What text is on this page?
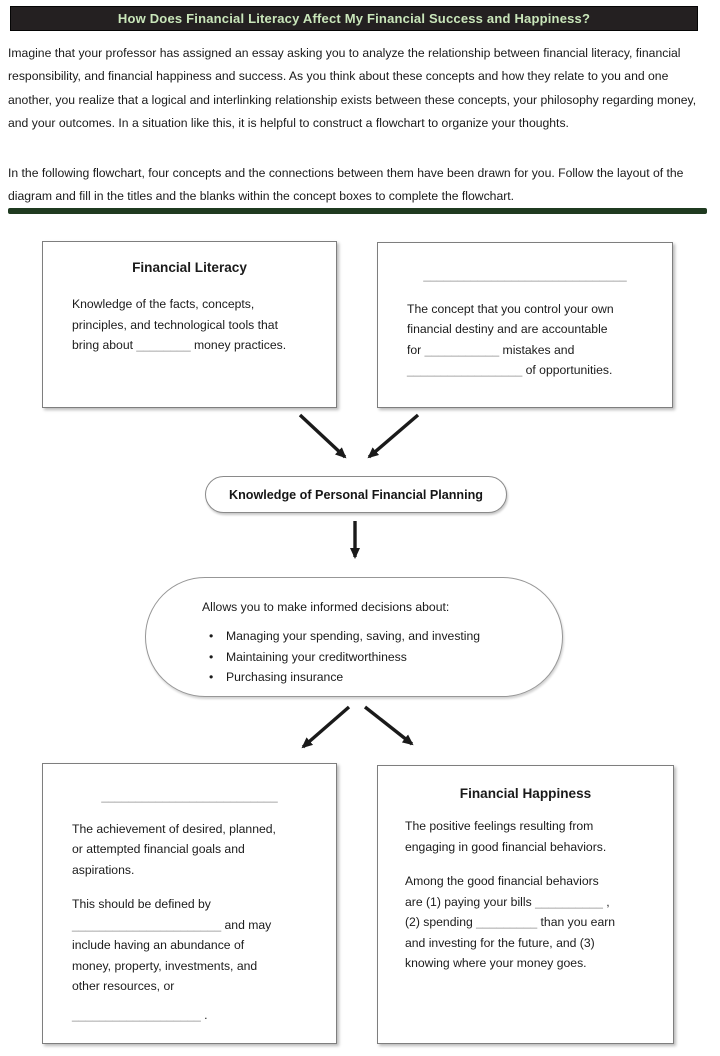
How Does Financial Literacy Affect My Financial Success and Happiness?
Imagine that your professor has assigned an essay asking you to analyze the relationship between financial literacy, financial responsibility, and financial happiness and success. As you think about these concepts and how they relate to you and one another, you realize that a logical and interlinking relationship exists between these concepts, your philosophy regarding money, and your outcomes. In a situation like this, it is helpful to construct a flowchart to organize your thoughts.
In the following flowchart, four concepts and the connections between them have been drawn for you. Follow the layout of the diagram and fill in the titles and the blanks within the concept boxes to complete the flowchart.
Financial Literacy
Knowledge of the facts, concepts,
principles, and technological tools that
bring about ________ money practices.
______________________________
The concept that you control your own
financial destiny and are accountable
for ___________ mistakes and
_________________ of opportunities.
Knowledge of Personal Financial Planning
Allows you to make informed decisions about:
• Managing your spending, saving, and investing
• Maintaining your creditworthiness
• Purchasing insurance
__________________________
The achievement of desired, planned,
or attempted financial goals and
aspirations.
This should be defined by
______________________ and may
include having an abundance of
money, property, investments, and
other resources, or
___________________ .
Financial Happiness
The positive feelings resulting from
engaging in good financial behaviors.
Among the good financial behaviors
are (1) paying your bills __________ ,
(2) spending _________ than you earn
and investing for the future, and (3)
knowing where your money goes.
